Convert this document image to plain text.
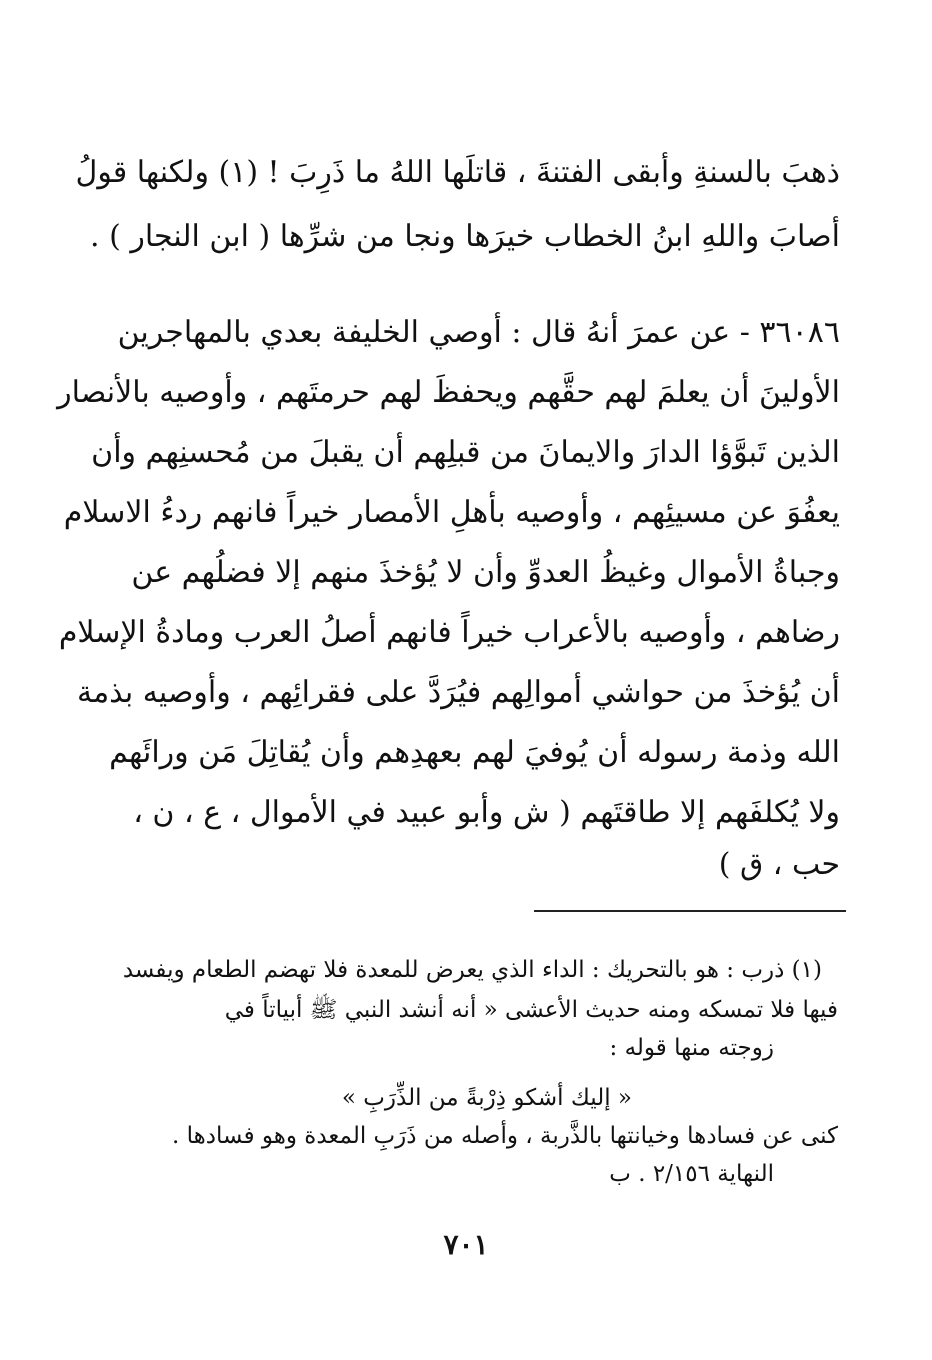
ذهبَ بالسنةِ وأبقى الفتنةَ ، قاتلَها اللهُ ما ذَرِبَ ! (١) ولكنها قولُ
أصابَ واللهِ ابنُ الخطاب خيرَها ونجا من شرِّها ( ابن النجار ) .
٣٦٠٨٦ - عن عمرَ أنهُ قال : أوصي الخليفة بعدي بالمهاجرين
الأولينَ أن يعلمَ لهم حقَّهم ويحفظَ لهم حرمتَهم ، وأوصيه بالأنصار
الذين تَبوَّؤا الدارَ والايمانَ من قبلِهم أن يقبلَ من مُحسنِهم وأن
يعفُوَ عن مسيئِهم ، وأوصيه بأهلِ الأمصار خيراً فانهم ردءُ الاسلام
وجباةُ الأموال وغيظُ العدوِّ وأن لا يُؤخذَ منهم إلا فضلُهم عن
رضاهم ، وأوصيه بالأعراب خيراً فانهم أصلُ العرب ومادةُ الإسلام
أن يُؤخذَ من حواشي أموالِهم فيُرَدَّ على فقرائِهم ، وأوصيه بذمة
الله وذمة رسوله أن يُوفيَ لهم بعهدِهم وأن يُقاتِلَ مَن ورائَهم
ولا يُكلفَهم إلا طاقتَهم ( ش وأبو عبيد في الأموال ، ع ، ن ،
حب ، ق )
(١) ذرب : هو بالتحريك : الداء الذي يعرض للمعدة فلا تهضم الطعام ويفسد
فيها فلا تمسكه ومنه حديث الأعشى « أنه أنشد النبي ﷺ أبياتاً في
زوجته منها قوله :
« إليك أشكو ذِرْبةً من الذِّرَبِ »
كنى عن فسادها وخيانتها بالذَّربة ، وأصله من ذَرَبِ المعدة وهو فسادها .
النهاية ٢/١٥٦ . ب
٧٠١
